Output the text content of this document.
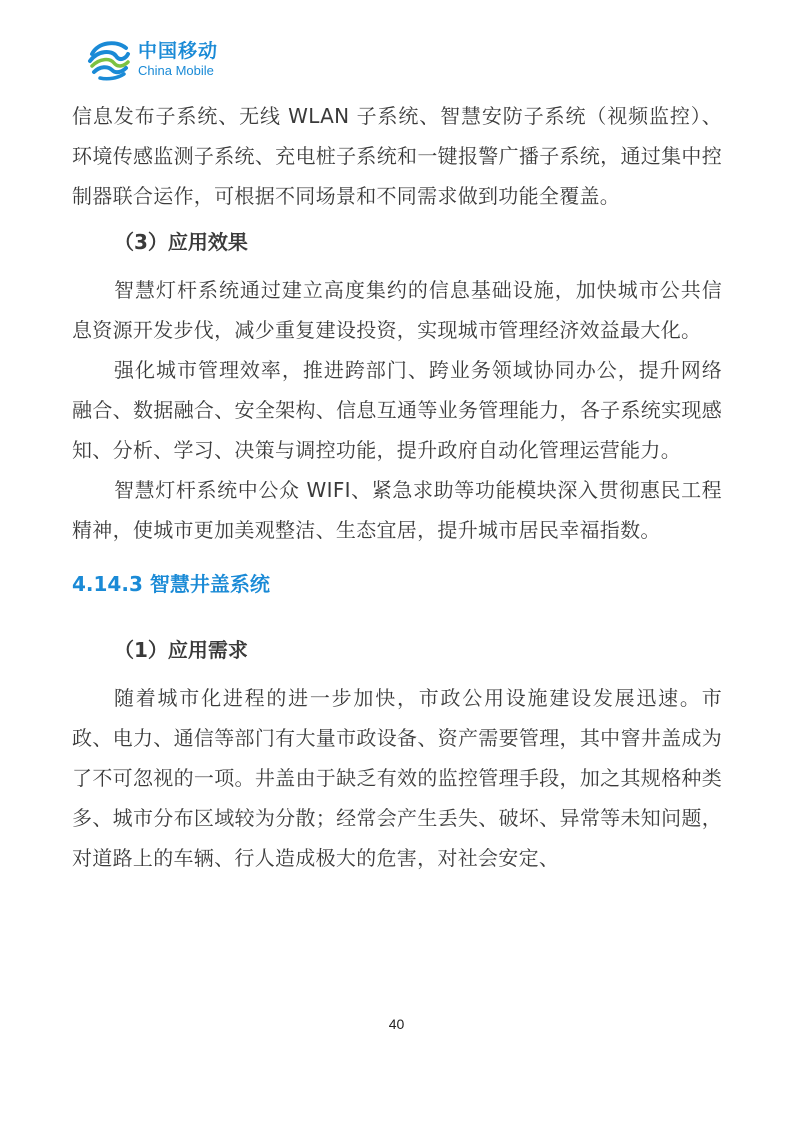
中国移动
China Mobile

信息发布子系统、无线 WLAN 子系统、智慧安防子系统（视频监控）、环境传感监测子系统、充电桩子系统和一键报警广播子系统，通过集中控制器联合运作，可根据不同场景和不同需求做到功能全覆盖。

（3）应用效果

智慧灯杆系统通过建立高度集约的信息基础设施，加快城市公共信息资源开发步伐，减少重复建设投资，实现城市管理经济效益最大化。

强化城市管理效率，推进跨部门、跨业务领域协同办公，提升网络融合、数据融合、安全架构、信息互通等业务管理能力，各子系统实现感知、分析、学习、决策与调控功能，提升政府自动化管理运营能力。

智慧灯杆系统中公众 WIFI、紧急求助等功能模块深入贯彻惠民工程精神，使城市更加美观整洁、生态宜居，提升城市居民幸福指数。

4.14.3 智慧井盖系统
（1）应用需求

随着城市化进程的进一步加快，市政公用设施建设发展迅速。市政、电力、通信等部门有大量市政设备、资产需要管理，其中窨井盖成为了不可忽视的一项。井盖由于缺乏有效的监控管理手段，加之其规格种类多、城市分布区域较为分散；经常会产生丢失、破坏、异常等未知问题，对道路上的车辆、行人造成极大的危害，对社会安定、

40
